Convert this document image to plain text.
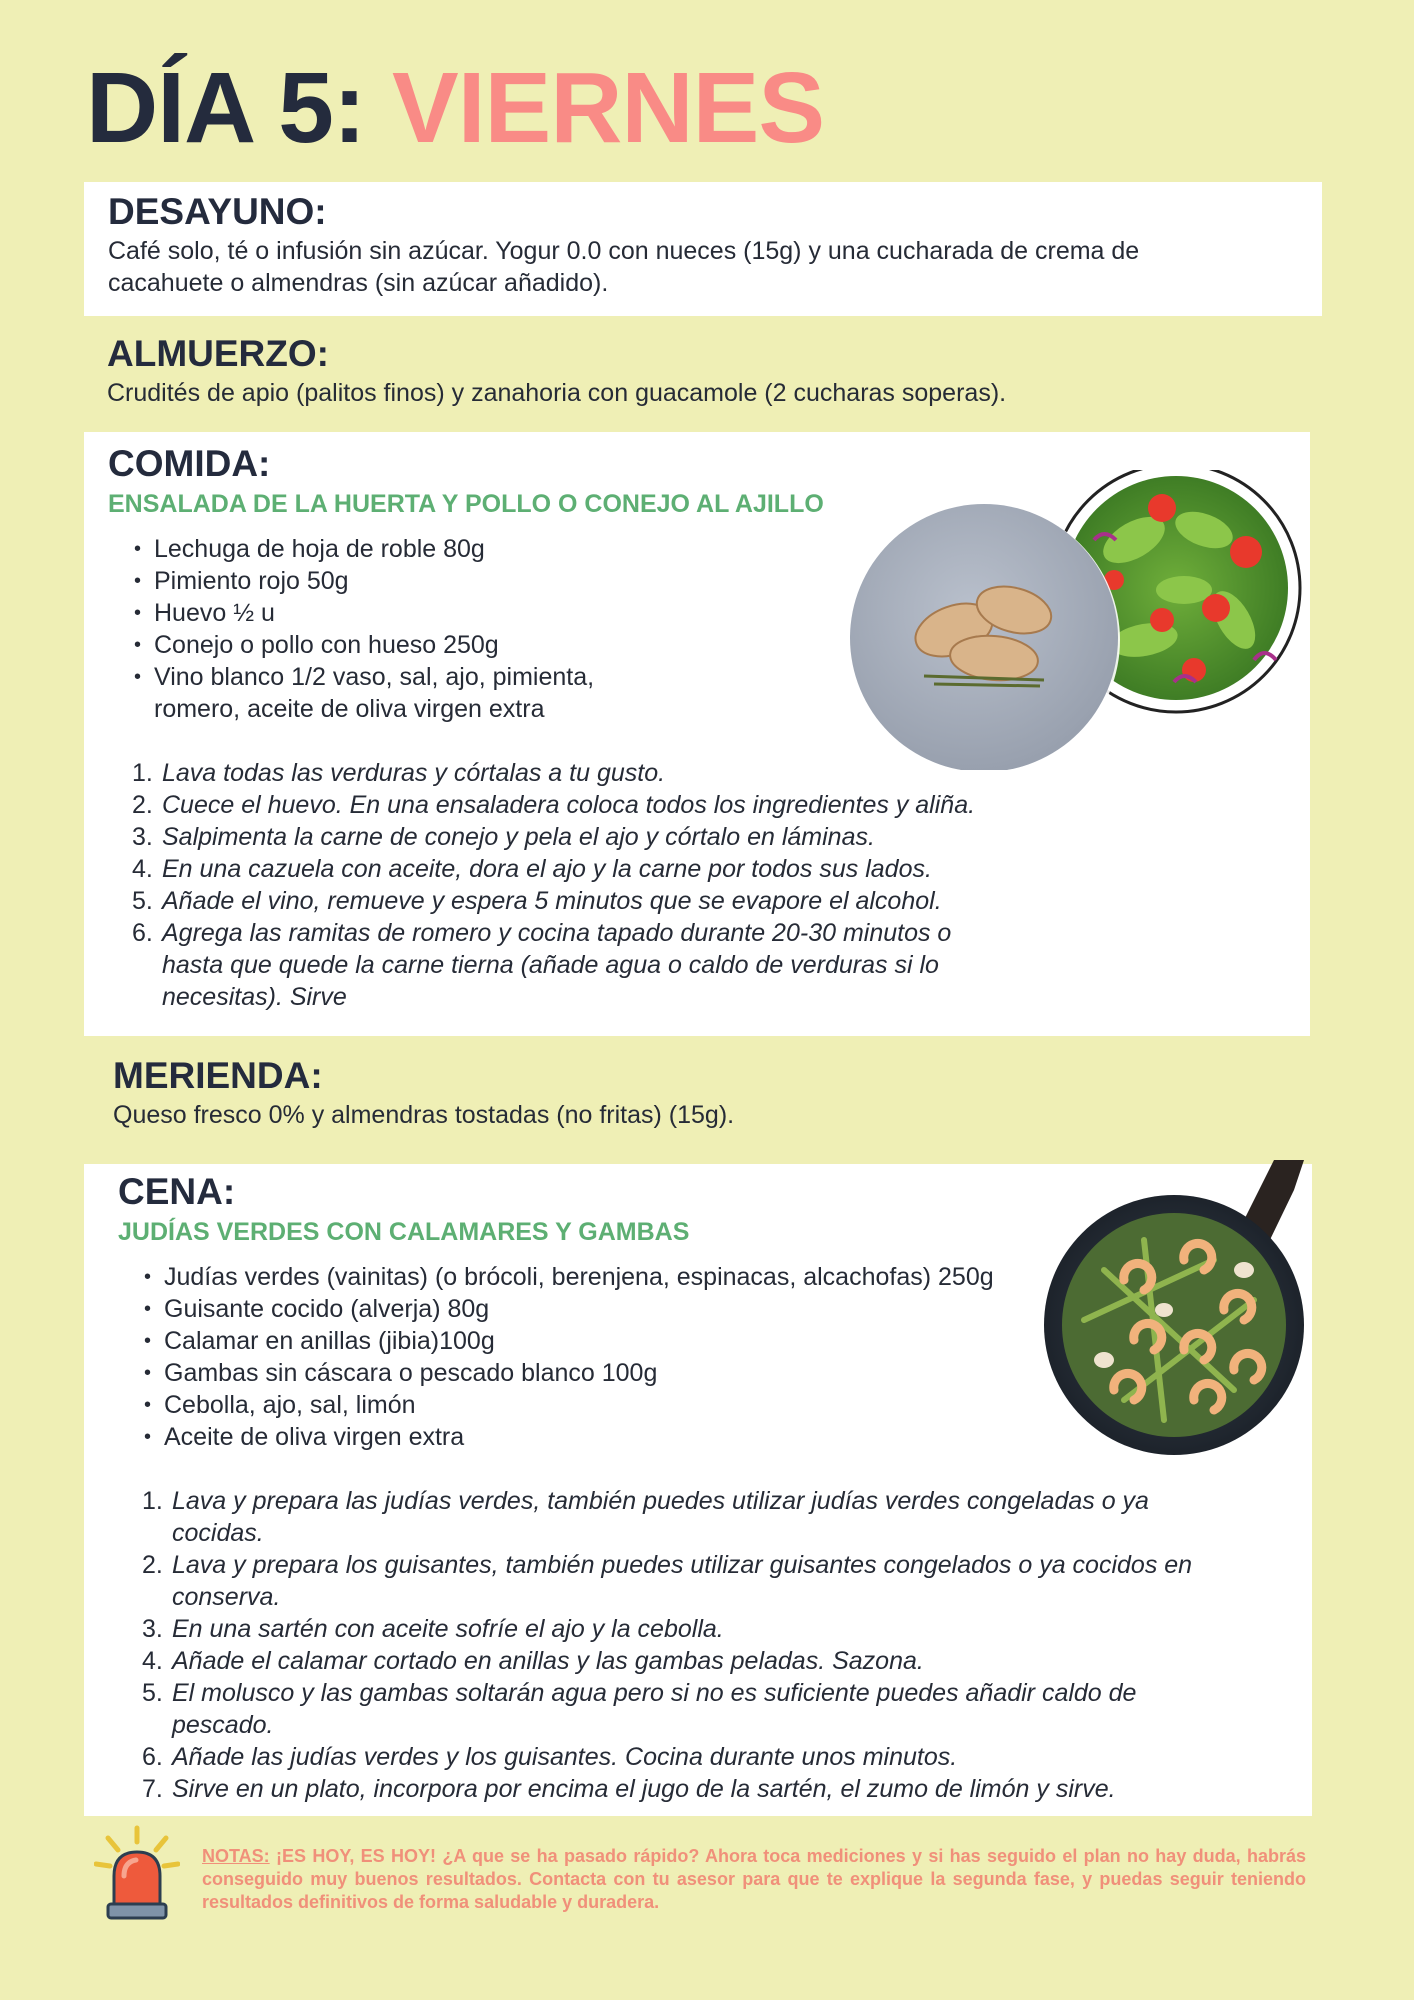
DÍA 5: VIERNES
DESAYUNO:

Café solo, té o infusión sin azúcar. Yogur 0.0 con nueces (15g) y una cucharada de crema de cacahuete o almendras (sin azúcar añadido).

ALMUERZO:

Crudités de apio (palitos finos) y zanahoria con guacamole (2 cucharas soperas).

COMIDA:
ENSALADA DE LA HUERTA Y POLLO O CONEJO AL AJILLO
• Lechuga de hoja de roble 80g
• Pimiento rojo 50g
• Huevo ½ u
• Conejo o pollo con hueso 250g
• Vino blanco 1/2 vaso, sal, ajo, pimienta, romero, aceite de oliva virgen extra
1. Lava todas las verduras y córtalas a tu gusto.
2. Cuece el huevo. En una ensaladera coloca todos los ingredientes y aliña.
3. Salpimenta la carne de conejo y pela el ajo y córtalo en láminas.
4. En una cazuela con aceite, dora el ajo y la carne por todos sus lados.
5. Añade el vino, remueve y espera 5 minutos que se evapore el alcohol.
6. Agrega las ramitas de romero y cocina tapado durante 20-30 minutos o hasta que quede la carne tierna (añade agua o caldo de verduras si lo necesitas). Sirve
MERIENDA:

Queso fresco 0% y almendras tostadas (no fritas) (15g).

CENA:
JUDÍAS VERDES CON CALAMARES Y GAMBAS
• Judías verdes (vainitas) (o brócoli, berenjena, espinacas, alcachofas) 250g
• Guisante cocido (alverja) 80g
• Calamar en anillas (jibia)100g
• Gambas sin cáscara o pescado blanco 100g
• Cebolla, ajo, sal, limón
• Aceite de oliva virgen extra
1. Lava y prepara las judías verdes, también puedes utilizar judías verdes congeladas o ya cocidas.
2. Lava y prepara los guisantes, también puedes utilizar guisantes congelados o ya cocidos en conserva.
3. En una sartén con aceite sofríe el ajo y la cebolla.
4. Añade el calamar cortado en anillas y las gambas peladas. Sazona.
5. El molusco y las gambas soltarán agua pero si no es suficiente puedes añadir caldo de pescado.
6. Añade las judías verdes y los guisantes. Cocina durante unos minutos.
7. Sirve en un plato, incorpora por encima el jugo de la sartén, el zumo de limón y sirve.
NOTAS: ¡ES HOY, ES HOY! ¿A que se ha pasado rápido? Ahora toca mediciones y si has seguido el plan no hay duda, habrás conseguido muy buenos resultados. Contacta con tu asesor para que te explique la segunda fase, y puedas seguir teniendo resultados definitivos de forma saludable y duradera.
